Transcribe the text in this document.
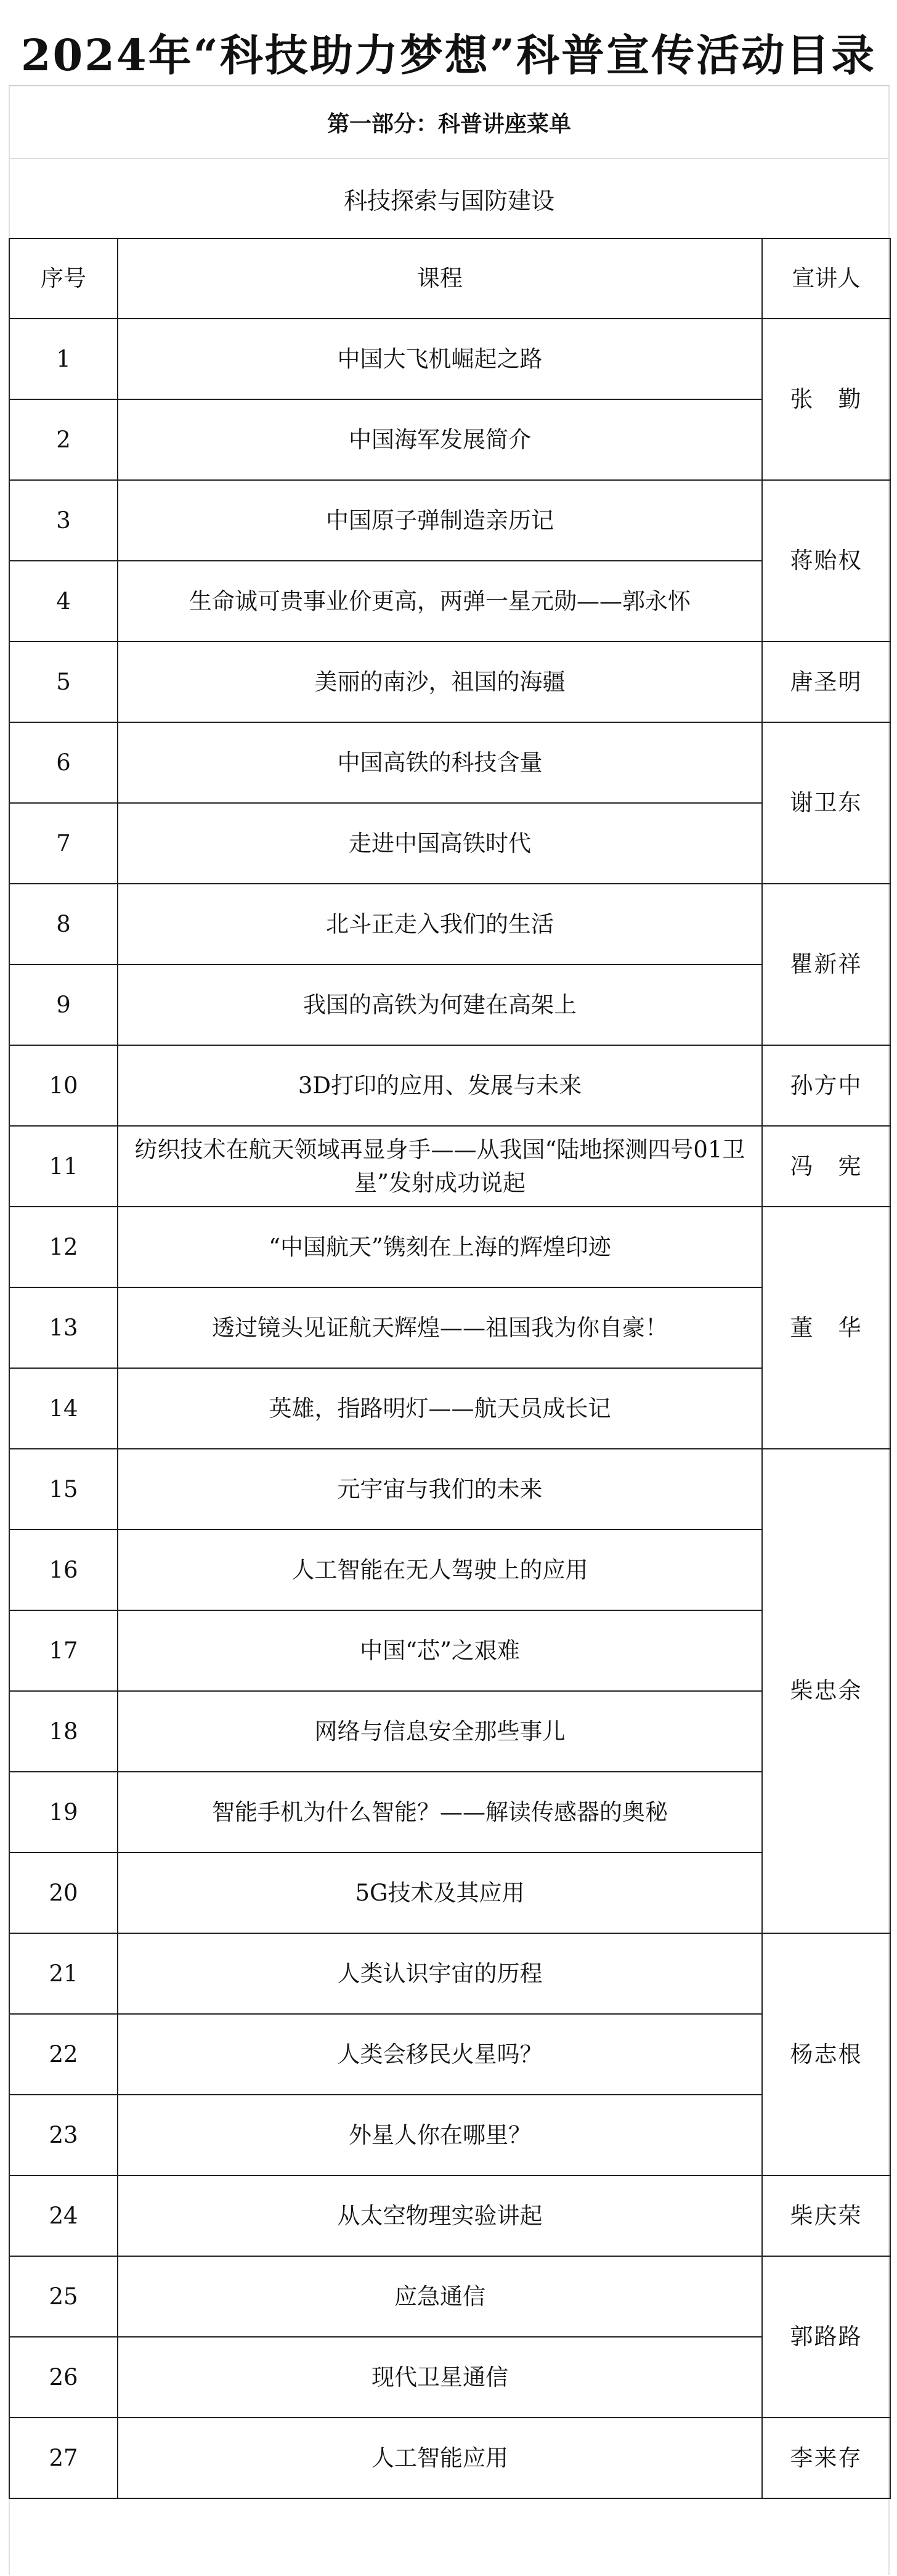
2024年“科技助力梦想”科普宣传活动目录
第一部分：科普讲座菜单
科技探索与国防建设
序号	课程	宣讲人
1	中国大飞机崛起之路	张　勤
2	中国海军发展简介	
3	中国原子弹制造亲历记	蒋贻权
4	生命诚可贵事业价更高，两弹一星元勋——郭永怀	
5	美丽的南沙，祖国的海疆	唐圣明
6	中国高铁的科技含量	谢卫东
7	走进中国高铁时代	
8	北斗正走入我们的生活	瞿新祥
9	我国的高铁为何建在高架上	
10	3D打印的应用、发展与未来	孙方中
11	纺织技术在航天领域再显身手——从我国“陆地探测四号01卫星”发射成功说起	冯　宪
12	“中国航天”镌刻在上海的辉煌印迹	董　华
13	透过镜头见证航天辉煌——祖国我为你自豪！	
14	英雄，指路明灯——航天员成长记	
15	元宇宙与我们的未来	柴忠余
16	人工智能在无人驾驶上的应用	
17	中国“芯”之艰难	
18	网络与信息安全那些事儿	
19	智能手机为什么智能？——解读传感器的奥秘	
20	5G技术及其应用	
21	人类认识宇宙的历程	杨志根
22	人类会移民火星吗？	
23	外星人你在哪里？	
24	从太空物理实验讲起	柴庆荣
25	应急通信	郭路路
26	现代卫星通信	
27	人工智能应用	李来存
